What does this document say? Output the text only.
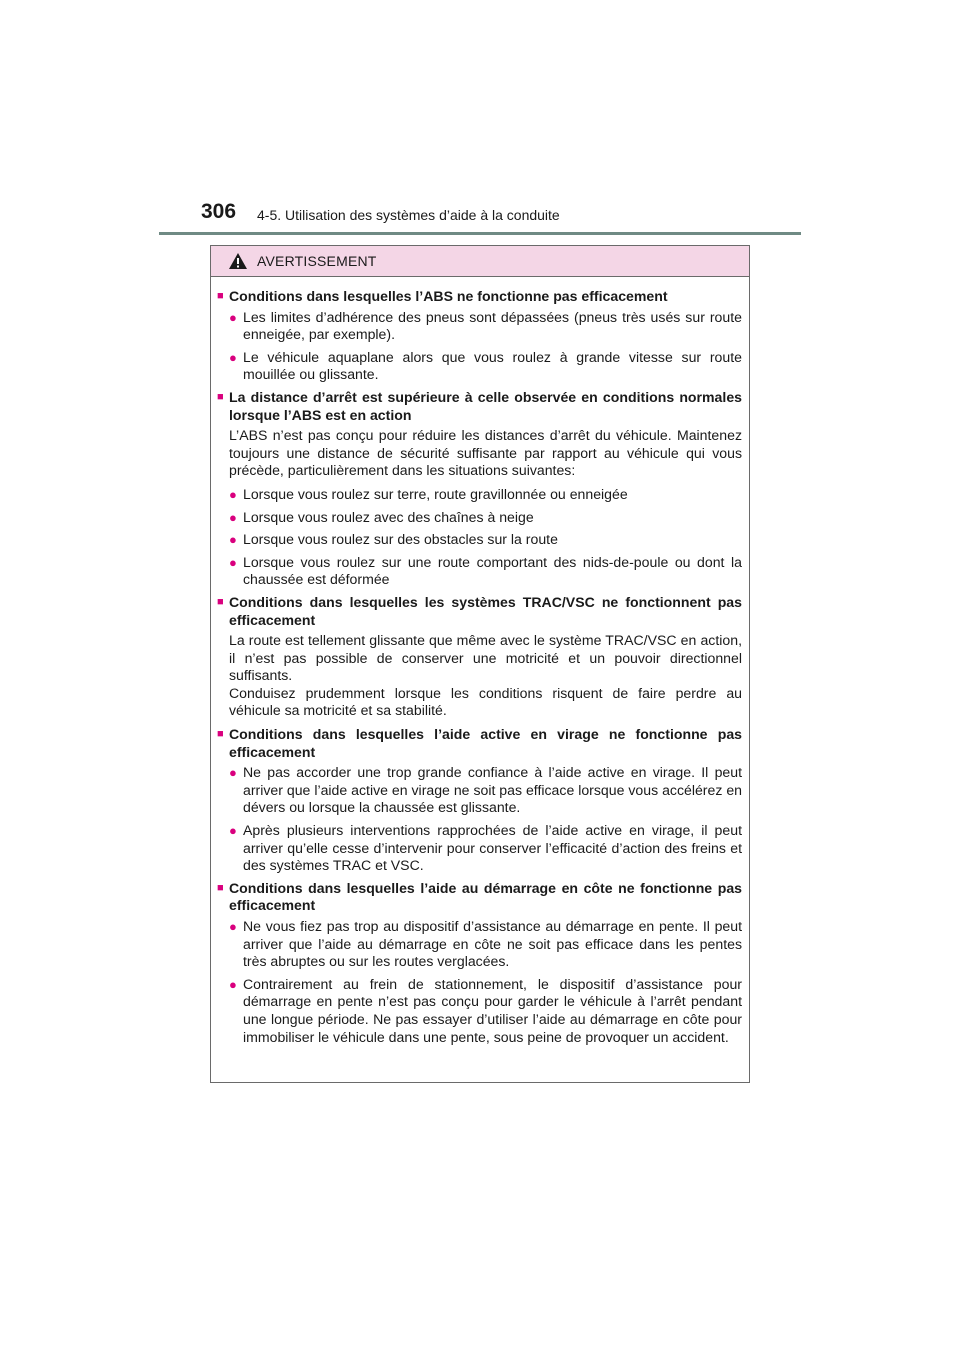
306 4-5. Utilisation des systèmes d’aide à la conduite
AVERTISSEMENT
■ Conditions dans lesquelles l’ABS ne fonctionne pas efficacement
● Les limites d’adhérence des pneus sont dépassées (pneus très usés sur route enneigée, par exemple).
● Le véhicule aquaplane alors que vous roulez à grande vitesse sur route mouillée ou glissante.
■ La distance d’arrêt est supérieure à celle observée en conditions normales lorsque l’ABS est en action
L’ABS n’est pas conçu pour réduire les distances d’arrêt du véhicule. Maintenez toujours une distance de sécurité suffisante par rapport au véhicule qui vous précède, particulièrement dans les situations suivantes:
● Lorsque vous roulez sur terre, route gravillonnée ou enneigée
● Lorsque vous roulez avec des chaînes à neige
● Lorsque vous roulez sur des obstacles sur la route
● Lorsque vous roulez sur une route comportant des nids-de-poule ou dont la chaussée est déformée
■ Conditions dans lesquelles les systèmes TRAC/VSC ne fonctionnent pas efficacement
La route est tellement glissante que même avec le système TRAC/VSC en action, il n’est pas possible de conserver une motricité et un pouvoir directionnel suffisants.
Conduisez prudemment lorsque les conditions risquent de faire perdre au véhicule sa motricité et sa stabilité.
■ Conditions dans lesquelles l’aide active en virage ne fonctionne pas efficacement
● Ne pas accorder une trop grande confiance à l’aide active en virage. Il peut arriver que l’aide active en virage ne soit pas efficace lorsque vous accélérez en dévers ou lorsque la chaussée est glissante.
● Après plusieurs interventions rapprochées de l’aide active en virage, il peut arriver qu’elle cesse d’intervenir pour conserver l’efficacité d’action des freins et des systèmes TRAC et VSC.
■ Conditions dans lesquelles l’aide au démarrage en côte ne fonctionne pas efficacement
● Ne vous fiez pas trop au dispositif d’assistance au démarrage en pente. Il peut arriver que l’aide au démarrage en côte ne soit pas efficace dans les pentes très abruptes ou sur les routes verglacées.
● Contrairement au frein de stationnement, le dispositif d’assistance pour démarrage en pente n’est pas conçu pour garder le véhicule à l’arrêt pendant une longue période. Ne pas essayer d’utiliser l’aide au démarrage en côte pour immobiliser le véhicule dans une pente, sous peine de provoquer un accident.
